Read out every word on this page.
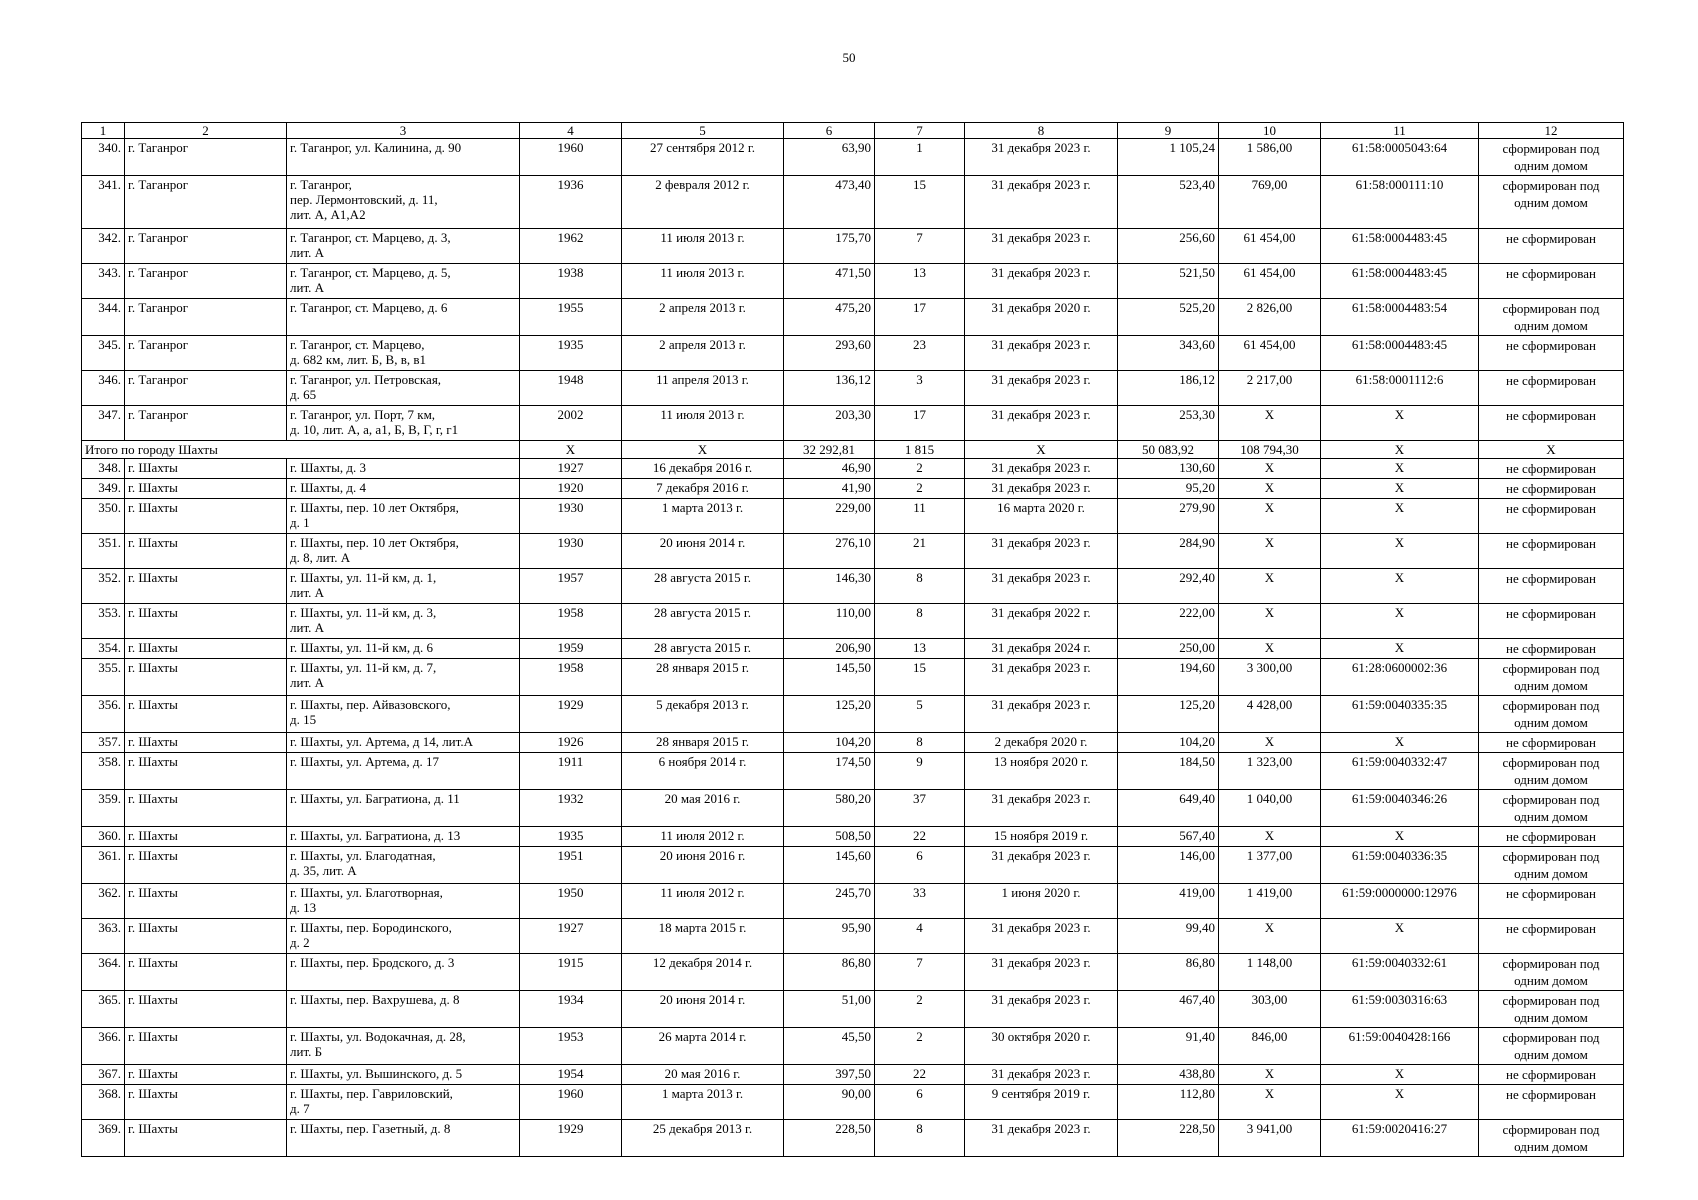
50
1	2	3	4	5	6	7	8	9	10	11	12
340.	г. Таганрог	г. Таганрог, ул. Калинина, д. 90	1960	27 сентября 2012 г.	63,90	1	31 декабря 2023 г.	1 105,24	1 586,00	61:58:0005043:64	сформирован под
одним домом
341.	г. Таганрог	г. Таганрог,
пер. Лермонтовский, д. 11,
лит. А, А1,А2	1936	2 февраля 2012 г.	473,40	15	31 декабря 2023 г.	523,40	769,00	61:58:000111:10	сформирован под
одним домом
342.	г. Таганрог	г. Таганрог, ст. Марцево, д. 3,
лит. А	1962	11 июля 2013 г.	175,70	7	31 декабря 2023 г.	256,60	61 454,00	61:58:0004483:45	не сформирован
343.	г. Таганрог	г. Таганрог, ст. Марцево, д. 5,
лит. А	1938	11 июля 2013 г.	471,50	13	31 декабря 2023 г.	521,50	61 454,00	61:58:0004483:45	не сформирован
344.	г. Таганрог	г. Таганрог, ст. Марцево, д. 6	1955	2 апреля 2013 г.	475,20	17	31 декабря 2020 г.	525,20	2 826,00	61:58:0004483:54	сформирован под
одним домом
345.	г. Таганрог	г. Таганрог, ст. Марцево,
д. 682 км, лит. Б, В, в, в1	1935	2 апреля 2013 г.	293,60	23	31 декабря 2023 г.	343,60	61 454,00	61:58:0004483:45	не сформирован
346.	г. Таганрог	г. Таганрог, ул. Петровская,
д. 65	1948	11 апреля 2013 г.	136,12	3	31 декабря 2023 г.	186,12	2 217,00	61:58:0001112:6	не сформирован
347.	г. Таганрог	г. Таганрог, ул. Порт, 7 км,
д. 10, лит. А, а, а1, Б, В, Г, г, г1	2002	11 июля 2013 г.	203,30	17	31 декабря 2023 г.	253,30	Х	Х	не сформирован
Итого по городу Шахты			Х	Х	32 292,81	1 815	Х	50 083,92	108 794,30	Х	Х
348.	г. Шахты	г. Шахты, д. 3	1927	16 декабря 2016 г.	46,90	2	31 декабря 2023 г.	130,60	Х	Х	не сформирован
349.	г. Шахты	г. Шахты, д. 4	1920	7 декабря 2016 г.	41,90	2	31 декабря 2023 г.	95,20	Х	Х	не сформирован
350.	г. Шахты	г. Шахты, пер. 10 лет Октября,
д. 1	1930	1 марта 2013 г.	229,00	11	16 марта 2020 г.	279,90	Х	Х	не сформирован
351.	г. Шахты	г. Шахты, пер. 10 лет Октября,
д. 8, лит. А	1930	20 июня 2014 г.	276,10	21	31 декабря 2023 г.	284,90	Х	Х	не сформирован
352.	г. Шахты	г. Шахты, ул. 11-й км, д. 1,
лит. А	1957	28 августа 2015 г.	146,30	8	31 декабря 2023 г.	292,40	Х	Х	не сформирован
353.	г. Шахты	г. Шахты, ул. 11-й км, д. 3,
лит. А	1958	28 августа 2015 г.	110,00	8	31 декабря 2022 г.	222,00	Х	Х	не сформирован
354.	г. Шахты	г. Шахты, ул. 11-й км, д. 6	1959	28 августа 2015 г.	206,90	13	31 декабря 2024 г.	250,00	Х	Х	не сформирован
355.	г. Шахты	г. Шахты, ул. 11-й км, д. 7,
лит. А	1958	28 января 2015 г.	145,50	15	31 декабря 2023 г.	194,60	3 300,00	61:28:0600002:36	сформирован под
одним домом
356.	г. Шахты	г. Шахты, пер. Айвазовского,
д. 15	1929	5 декабря 2013 г.	125,20	5	31 декабря 2023 г.	125,20	4 428,00	61:59:0040335:35	сформирован под
одним домом
357.	г. Шахты	г. Шахты, ул. Артема, д 14, лит.А	1926	28 января 2015 г.	104,20	8	2 декабря 2020 г.	104,20	Х	Х	не сформирован
358.	г. Шахты	г. Шахты, ул. Артема, д. 17	1911	6 ноября 2014 г.	174,50	9	13 ноября 2020 г.	184,50	1 323,00	61:59:0040332:47	сформирован под
одним домом
359.	г. Шахты	г. Шахты, ул. Багратиона, д. 11	1932	20 мая 2016 г.	580,20	37	31 декабря 2023 г.	649,40	1 040,00	61:59:0040346:26	сформирован под
одним домом
360.	г. Шахты	г. Шахты, ул. Багратиона, д. 13	1935	11 июля 2012 г.	508,50	22	15 ноября 2019 г.	567,40	Х	Х	не сформирован
361.	г. Шахты	г. Шахты, ул. Благодатная,
д. 35, лит. А	1951	20 июня 2016 г.	145,60	6	31 декабря 2023 г.	146,00	1 377,00	61:59:0040336:35	сформирован под
одним домом
362.	г. Шахты	г. Шахты, ул. Благотворная,
д. 13	1950	11 июля 2012 г.	245,70	33	1 июня 2020 г.	419,00	1 419,00	61:59:0000000:12976	не сформирован
363.	г. Шахты	г. Шахты, пер. Бородинского,
д. 2	1927	18 марта 2015 г.	95,90	4	31 декабря 2023 г.	99,40	Х	Х	не сформирован
364.	г. Шахты	г. Шахты, пер. Бродского, д. 3	1915	12 декабря 2014 г.	86,80	7	31 декабря 2023 г.	86,80	1 148,00	61:59:0040332:61	сформирован под
одним домом
365.	г. Шахты	г. Шахты, пер. Вахрушева, д. 8	1934	20 июня 2014 г.	51,00	2	31 декабря 2023 г.	467,40	303,00	61:59:0030316:63	сформирован под
одним домом
366.	г. Шахты	г. Шахты, ул. Водокачная, д. 28,
лит. Б	1953	26 марта 2014 г.	45,50	2	30 октября 2020 г.	91,40	846,00	61:59:0040428:166	сформирован под
одним домом
367.	г. Шахты	г. Шахты, ул. Вышинского, д. 5	1954	20 мая 2016 г.	397,50	22	31 декабря 2023 г.	438,80	Х	Х	не сформирован
368.	г. Шахты	г. Шахты, пер. Гавриловский,
д. 7	1960	1 марта 2013 г.	90,00	6	9 сентября 2019 г.	112,80	Х	Х	не сформирован
369.	г. Шахты	г. Шахты, пер. Газетный, д. 8	1929	25 декабря 2013 г.	228,50	8	31 декабря 2023 г.	228,50	3 941,00	61:59:0020416:27	сформирован под
одним домом
